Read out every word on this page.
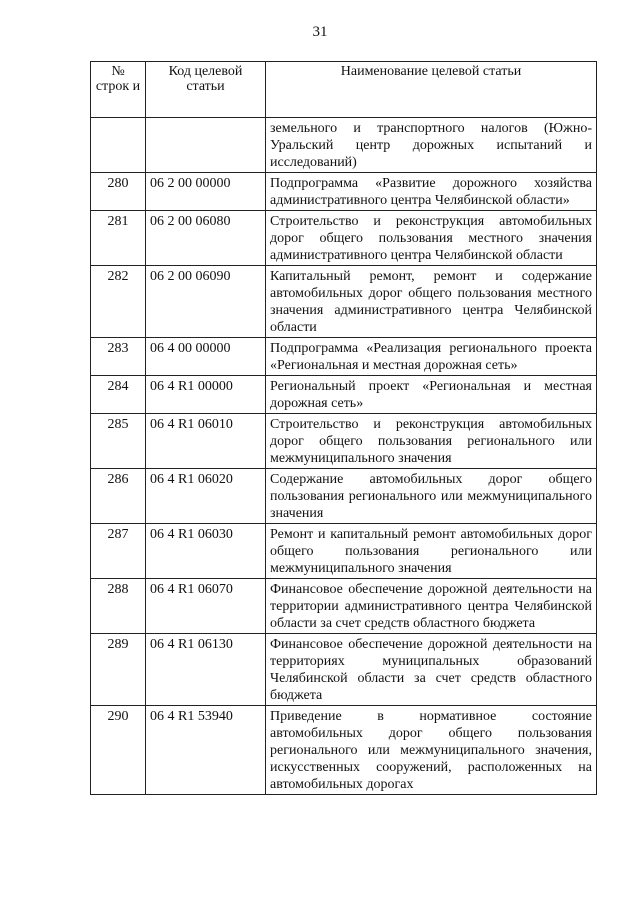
31
№ строк и	Код целевой статьи	Наименование целевой статьи
		земельного и транспортного налогов (Южно-Уральский центр дорожных испытаний и исследований)
280	06 2 00 00000	Подпрограмма «Развитие дорожного хозяйства административного центра Челябинской области»
281	06 2 00 06080	Строительство и реконструкция автомобильных дорог общего пользования местного значения административного центра Челябинской области
282	06 2 00 06090	Капитальный ремонт, ремонт и содержание автомобильных дорог общего пользования местного значения административного центра Челябинской области
283	06 4 00 00000	Подпрограмма «Реализация регионального проекта «Региональная и местная дорожная сеть»
284	06 4 R1 00000	Региональный проект «Региональная и местная дорожная сеть»
285	06 4 R1 06010	Строительство и реконструкция автомобильных дорог общего пользования регионального или межмуниципального значения
286	06 4 R1 06020	Содержание автомобильных дорог общего пользования регионального или межмуниципального значения
287	06 4 R1 06030	Ремонт и капитальный ремонт автомобильных дорог общего пользования регионального или межмуниципального значения
288	06 4 R1 06070	Финансовое обеспечение дорожной деятельности на территории административного центра Челябинской области за счет средств областного бюджета
289	06 4 R1 06130	Финансовое обеспечение дорожной деятельности на территориях муниципальных образований Челябинской области за счет средств областного бюджета
290	06 4 R1 53940	Приведение в нормативное состояние автомобильных дорог общего пользования регионального или межмуниципального значения, искусственных сооружений, расположенных на автомобильных дорогах
